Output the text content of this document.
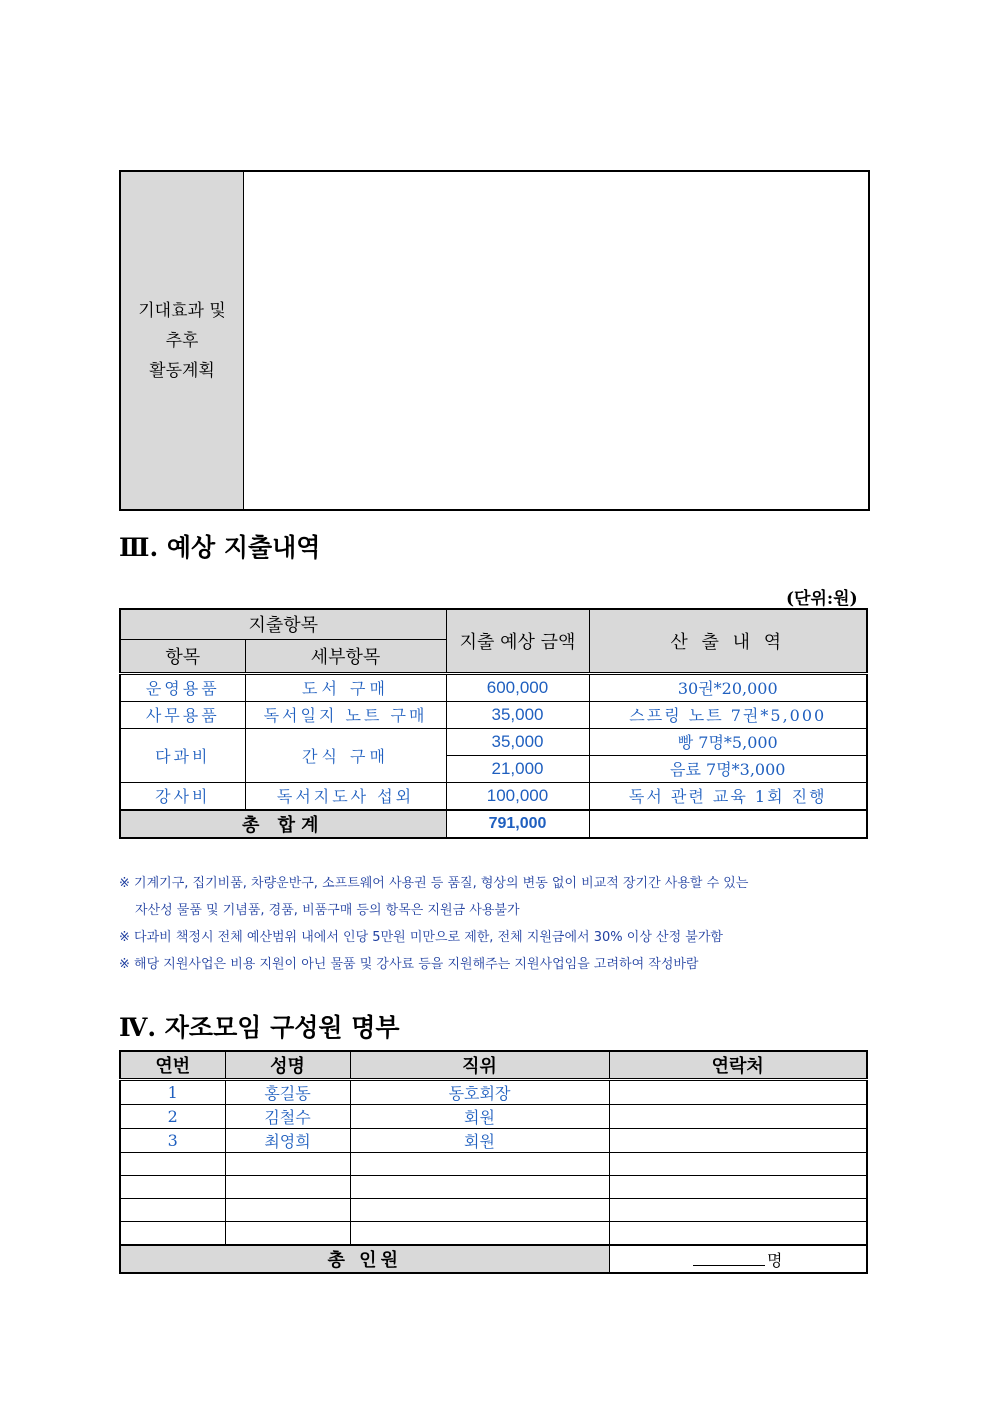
기대효과 및
추후
활동계획
Ⅲ. 예상 지출내역
(단위:원)
지출항목		지출 예상 금액	산 출 내 역
항목	세부항목		
운영용품	도서 구매	600,000	30권*20,000
사무용품	독서일지 노트 구매	35,000	스프링 노트 7권*5,000
다과비	간식 구매	35,000	빵 7명*5,000
		21,000	음료 7명*3,000
강사비	독서지도사 섭외	100,000	독서 관련 교육 1회 진행
총 합계		791,000	

※ 기계기구, 집기비품, 차량운반구, 소프트웨어 사용권 등 품질, 형상의 변동 없이 비교적 장기간 사용할 수 있는

자산성 물품 및 기념품, 경품, 비품구매 등의 항목은 지원금 사용불가

※ 다과비 책정시 전체 예산범위 내에서 인당 5만원 미만으로 제한, 전체 지원금에서 30% 이상 산정 불가함

※ 해당 지원사업은 비용 지원이 아닌 물품 및 강사료 등을 지원해주는 지원사업임을 고려하여 작성바람

Ⅳ. 자조모임 구성원 명부
연번	성명	직위	연락처
1	홍길동	동호회장	
2	김철수	회원	
3	최영희	회원	

총 인원			명
